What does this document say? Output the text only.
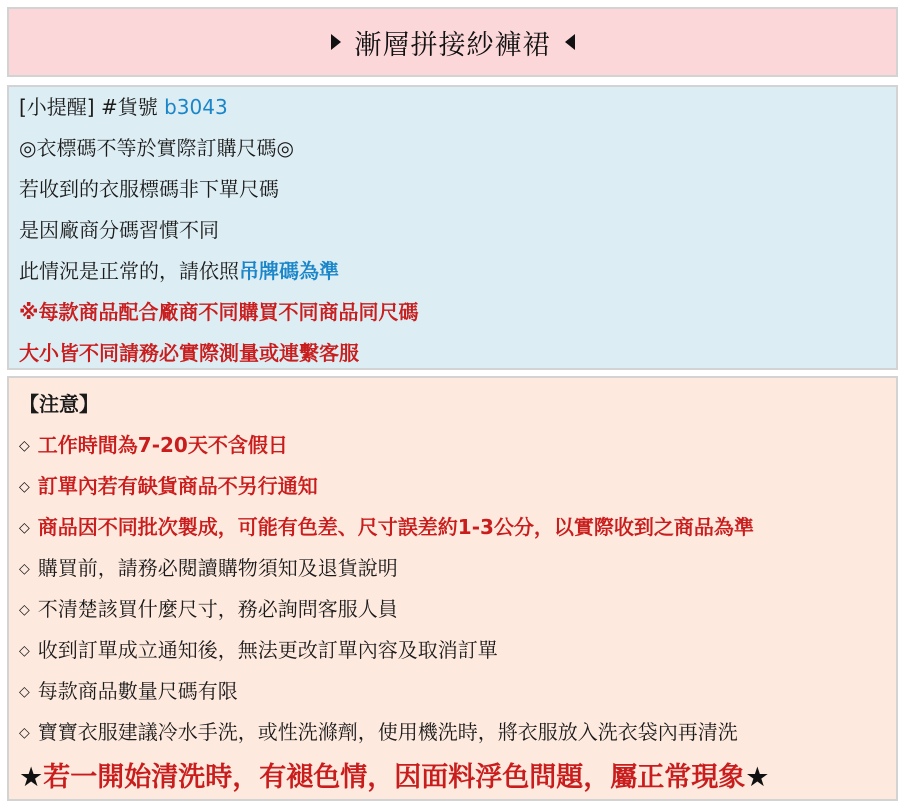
漸層拼接紗褲裙
[小提醒] #貨號 b3043
◎衣標碼不等於實際訂購尺碼◎
若收到的衣服標碼非下單尺碼
是因廠商分碼習慣不同
此情況是正常的，請依照吊牌碼為準
※每款商品配合廠商不同購買不同商品同尺碼
大小皆不同請務必實際測量或連繫客服
【注意】
◇ 工作時間為7-20天不含假日
◇ 訂單內若有缺貨商品不另行通知
◇ 商品因不同批次製成，可能有色差、尺寸誤差約1-3公分，以實際收到之商品為準
◇ 購買前，請務必閱讀購物須知及退貨說明
◇ 不清楚該買什麼尺寸，務必詢問客服人員
◇ 收到訂單成立通知後，無法更改訂單內容及取消訂單
◇ 每款商品數量尺碼有限
◇ 寶寶衣服建議冷水手洗，或性洗滌劑，使用機洗時，將衣服放入洗衣袋內再清洗
★若一開始清洗時，有褪色情，因面料浮色問題，屬正常現象★
